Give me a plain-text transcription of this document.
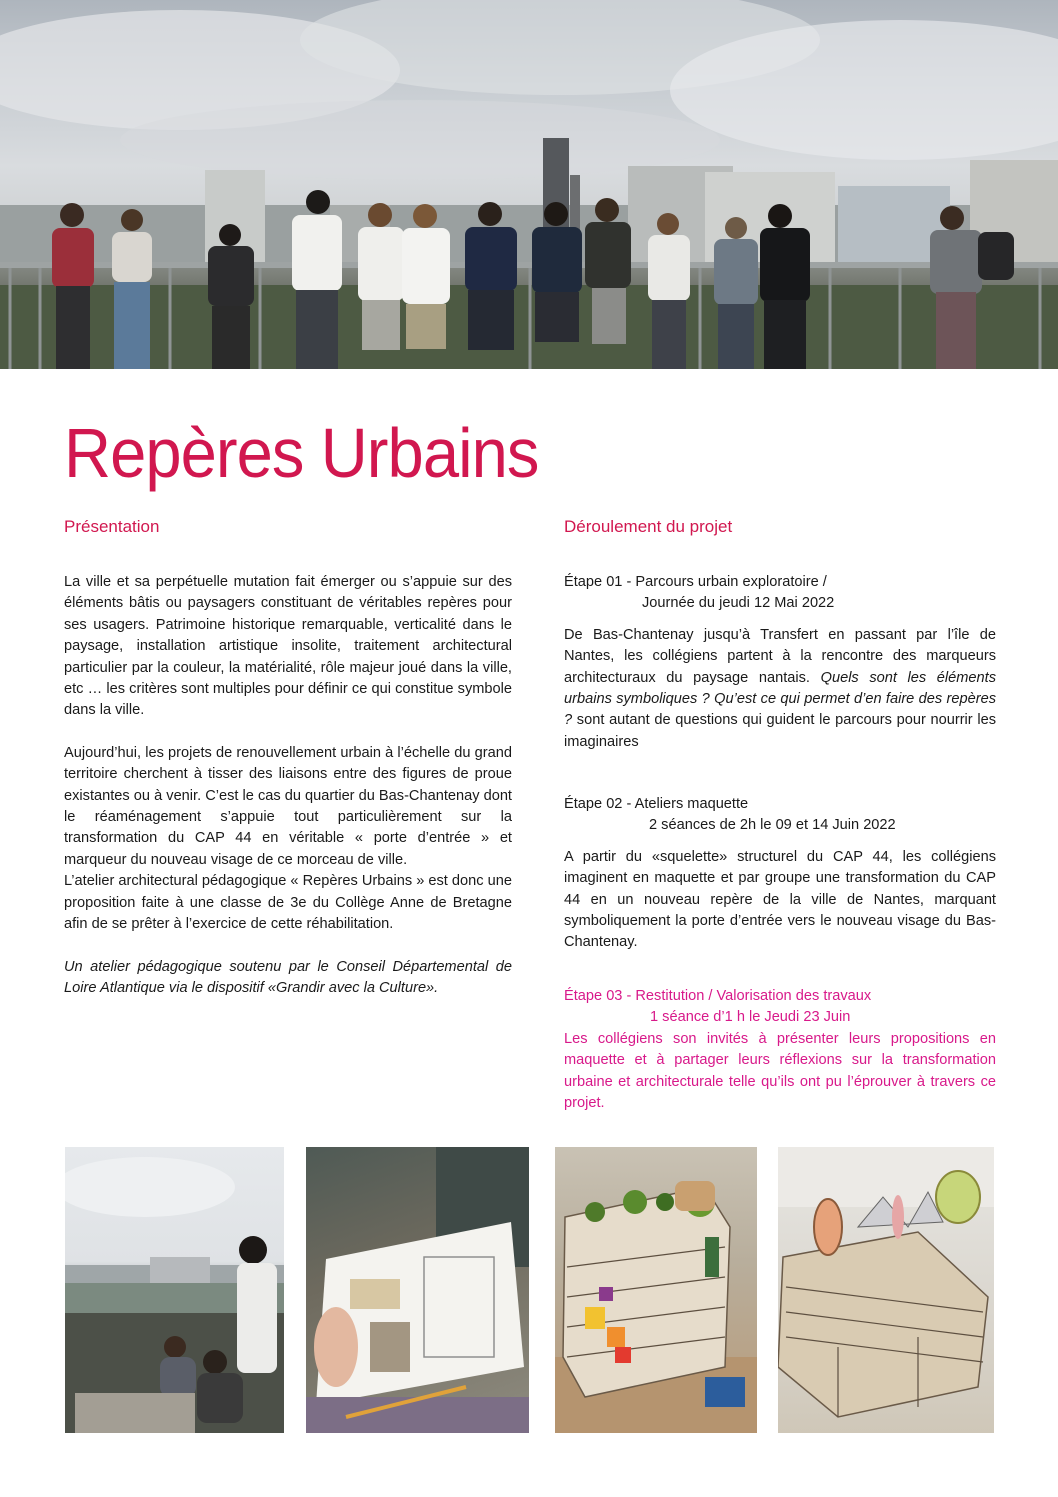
Repères Urbains
Présentation

La ville et sa perpétuelle mutation fait émerger ou s’appuie sur des éléments bâtis ou paysagers constituant de véritables repères pour ses usagers. Patrimoine historique remarquable, verticalité dans le paysage, installation artistique insolite, traitement architectural particulier par la couleur, la matérialité, rôle majeur joué dans la ville, etc … les critères sont multiples pour définir ce qui constitue symbole dans la ville.

Aujourd’hui, les projets de renouvellement urbain à l’échelle du grand territoire cherchent à tisser des liaisons entre des figures de proue existantes ou à venir. C’est le cas du quartier du Bas-Chantenay dont le réaménagement s’appuie tout particulièrement sur la transformation du CAP 44 en véritable « porte d’entrée » et marqueur du nouveau visage de ce morceau de ville.

L’atelier architectural pédagogique « Repères Urbains » est donc une proposition faite à une classe de 3e du Collège Anne de Bretagne afin de se prêter à l’exercice de cette réhabilitation.

Un atelier pédagogique soutenu par le Conseil Départemental de Loire Atlantique via le dispositif «Grandir avec la Culture».

Déroulement du projet
Étape 01 - Parcours urbain exploratoire /
Journée du jeudi 12 Mai 2022

De Bas-Chantenay jusqu’à Transfert en passant par l’île de Nantes, les collégiens partent à la rencontre des marqueurs architecturaux du paysage nantais. Quels sont les éléments urbains symboliques ? Qu’est ce qui permet d’en faire des repères ? sont autant de questions qui guident le parcours pour nourrir les imaginaires

Étape 02 - Ateliers maquette
2 séances de 2h le 09 et 14 Juin 2022

A partir du «squelette» structurel du CAP 44, les collégiens imaginent en maquette et par groupe une transformation du CAP 44 en un nouveau repère de la ville de Nantes, marquant symboliquement la porte d’entrée vers le nouveau visage du Bas-Chantenay.

Étape 03 - Restitution / Valorisation des travaux
1 séance d’1 h le Jeudi 23 Juin

Les collégiens son invités à présenter leurs propositions en maquette et à partager leurs réflexions sur la transformation urbaine et architecturale telle qu’ils ont pu l’éprouver à travers ce projet.
